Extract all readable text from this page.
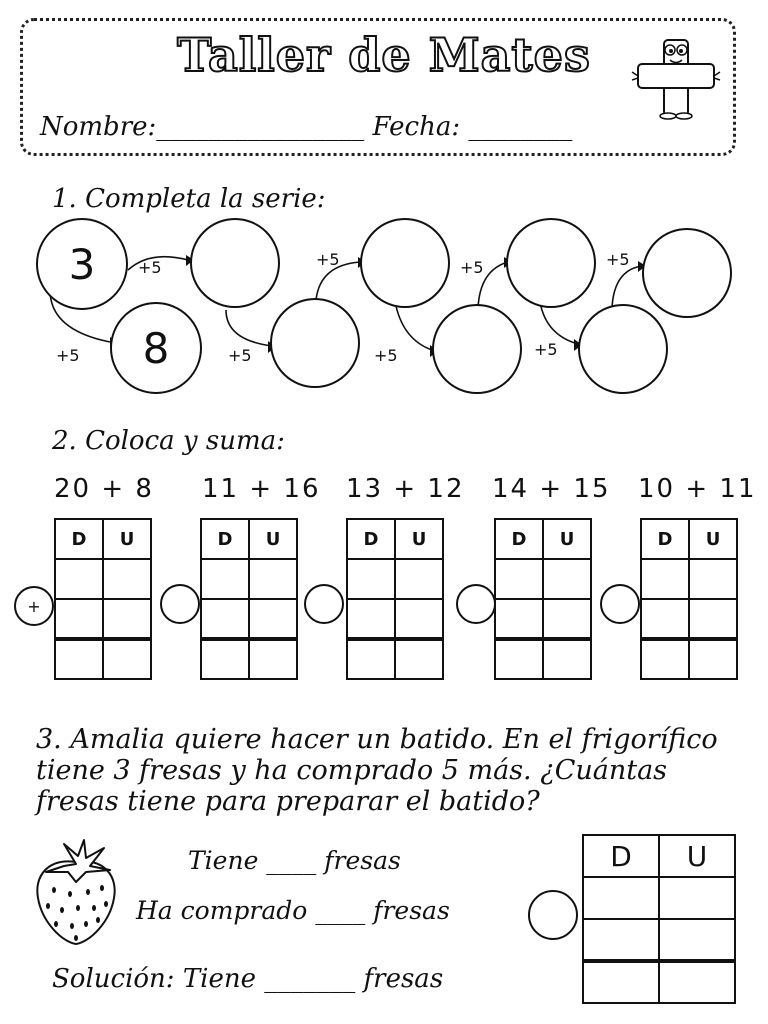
Taller de Mates
Nombre:________________ Fecha: ________
1. Completa la serie:
3
8
+5
+5	+5
+5
+5
+5
+5
+5
2. Coloca y suma:
20 + 8 11 + 16 13 + 12 14 + 15 10 + 11
D	U

		D	U

		D	U

		D	U

		D	U

+
3. Amalia quiere hacer un batido. En el frigorífico tiene 3 fresas y ha comprado 5 más. ¿Cuántas fresas tiene para preparar el batido?
Tiene ____ fresas
Ha comprado ____ fresas
Solución: Tiene _______ fresas
D	U
